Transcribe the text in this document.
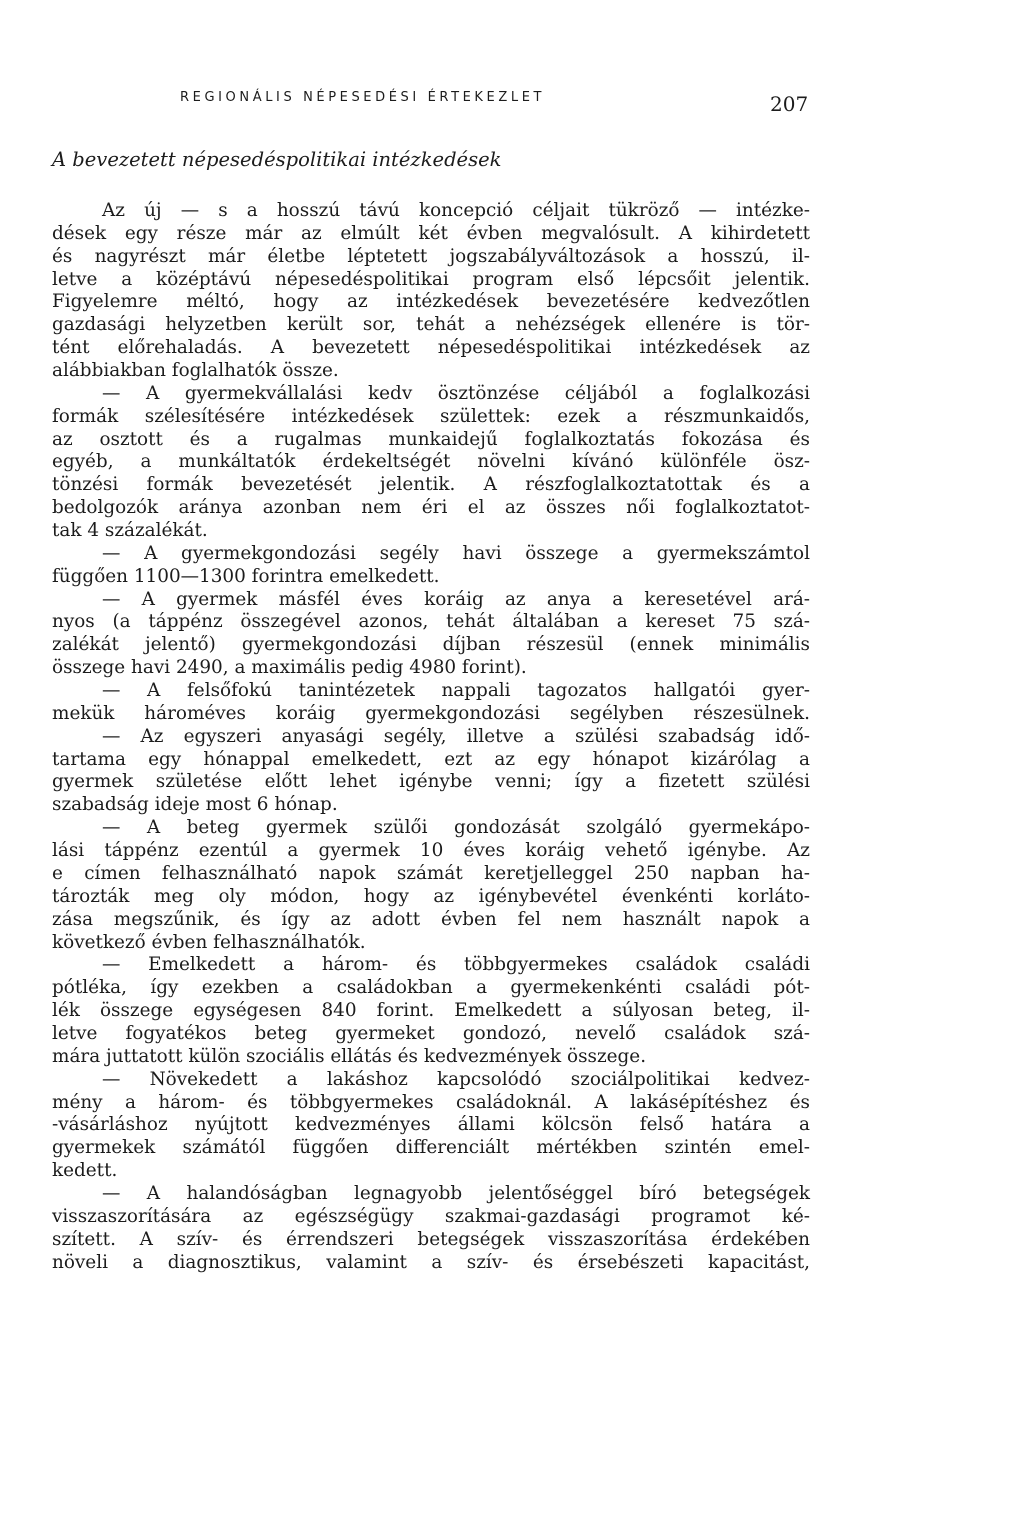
REGIONÁLIS NÉPESEDÉSI ÉRTEKEZLET	207
A bevezetett népesedéspolitikai intézkedések
Az új — s a hosszú távú koncepció céljait tükröző — intézke-
dések egy része már az elmúlt két évben megvalósult. A kihirdetett
és nagyrészt már életbe léptetett jogszabályváltozások a hosszú, il-
letve a középtávú népesedéspolitikai program első lépcsőit jelentik.
Figyelemre méltó, hogy az intézkedések bevezetésére kedvezőtlen
gazdasági helyzetben került sor, tehát a nehézségek ellenére is tör-
tént előrehaladás. A bevezetett népesedéspolitikai intézkedések az
alábbiakban foglalhatók össze.
— A gyermekvállalási kedv ösztönzése céljából a foglalkozási
formák szélesítésére intézkedések születtek: ezek a részmunkaidős,
az osztott és a rugalmas munkaidejű foglalkoztatás fokozása és
egyéb, a munkáltatók érdekeltségét növelni kívánó különféle ösz-
tönzési formák bevezetését jelentik. A részfoglalkoztatottak és a
bedolgozók aránya azonban nem éri el az összes női foglalkoztatot-
tak 4 százalékát.
— A gyermekgondozási segély havi összege a gyermekszámtol
függően 1100—1300 forintra emelkedett.
— A gyermek másfél éves koráig az anya a keresetével ará-
nyos (a táppénz összegével azonos, tehát általában a kereset 75 szá-
zalékát jelentő) gyermekgondozási díjban részesül (ennek minimális
összege havi 2490, a maximális pedig 4980 forint).
— A felsőfokú tanintézetek nappali tagozatos hallgatói gyer-
mekük hároméves koráig gyermekgondozási segélyben részesülnek.
— Az egyszeri anyasági segély, illetve a szülési szabadság idő-
tartama egy hónappal emelkedett, ezt az egy hónapot kizárólag a
gyermek születése előtt lehet igénybe venni; így a fizetett szülési
szabadság ideje most 6 hónap.
— A beteg gyermek szülői gondozását szolgáló gyermekápo-
lási táppénz ezentúl a gyermek 10 éves koráig vehető igénybe. Az
e címen felhasználható napok számát keretjelleggel 250 napban ha-
tározták meg oly módon, hogy az igénybevétel évenkénti korláto-
zása megszűnik, és így az adott évben fel nem használt napok a
következő évben felhasználhatók.
— Emelkedett a három- és többgyermekes családok családi
pótléka, így ezekben a családokban a gyermekenkénti családi pót-
lék összege egységesen 840 forint. Emelkedett a súlyosan beteg, il-
letve fogyatékos beteg gyermeket gondozó, nevelő családok szá-
mára juttatott külön szociális ellátás és kedvezmények összege.
— Növekedett a lakáshoz kapcsolódó szociálpolitikai kedvez-
mény a három- és többgyermekes családoknál. A lakásépítéshez és
-vásárláshoz nyújtott kedvezményes állami kölcsön felső határa a
gyermekek számától függően differenciált mértékben szintén emel-
kedett.
— A halandóságban legnagyobb jelentőséggel bíró betegségek
visszaszorítására az egészségügy szakmai-gazdasági programot ké-
szített. A szív- és érrendszeri betegségek visszaszorítása érdekében
növeli a diagnosztikus, valamint a szív- és érsebészeti kapacitást,
